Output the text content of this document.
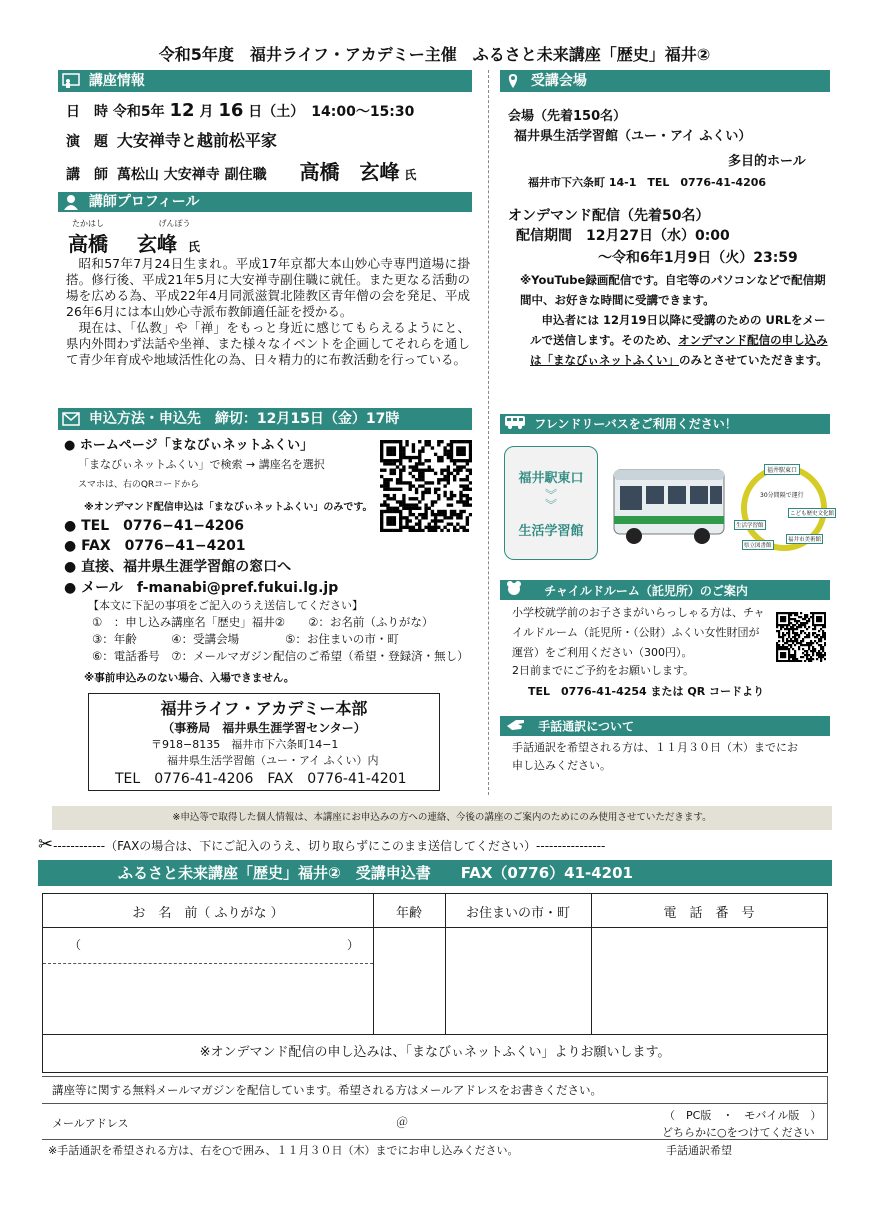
令和5年度　福井ライフ・アカデミー主催　ふるさと未来講座「歴史」福井②
講座情報
日　時 令和5年 12 月 16 日（土）　14:00～15:30
演　題 大安禅寺と越前松平家
講　師 萬松山 大安禅寺 副住職 高橋　玄峰 氏
講師プロフィール
たかはし	げんぽう
高橋 玄峰 氏

昭和57年7月24日生まれ。平成17年京都大本山妙心寺専門道場に掛搭。修行後、平成21年5月に大安禅寺副住職に就任。また更なる活動の場を広める為、平成22年4月同派滋賀北陸教区青年僧の会を発足、平成26年6月には本山妙心寺派布教師適任証を授かる。

現在は、「仏教」や「禅」をもっと身近に感じてもらえるようにと、県内外問わず法話や坐禅、また様々なイベントを企画してそれらを通して青少年育成や地域活性化の為、日々精力的に布教活動を行っている。

申込方法・申込先　締切：12月15日（金）17時
● ホームページ「まなびぃネットふくい」
「まなびぃネットふくい」で検索 → 講座名を選択
スマホは、右のQRコードから
※オンデマンド配信申込は「まなびぃネットふくい」のみです。
● TEL　0776−41−4206
● FAX　0776−41−4201
● 直接、福井県生涯学習館の窓口へ
● メール　f-manabi@pref.fukui.lg.jp
【本文に下記の事項をご記入のうえ送信してください】
①　：申し込み講座名「歴史」福井②　　②：お名前（ふりがな）
③：年齢　　　④：受講会場　　　　⑤：お住まいの市・町
⑥：電話番号　⑦：メールマガジン配信のご希望（希望・登録済・無し）
※事前申込みのない場合、入場できません。
福井ライフ・アカデミー本部
（事務局　福井県生涯学習センター）
〒918−8135　福井市下六条町14−1
福井県生活学習館（ユー・アイ ふくい）内
TEL　0776-41-4206　FAX　0776-41-4201
受講会場
会場（先着150名）
福井県生活学習館（ユー・アイ ふくい）
多目的ホール
福井市下六条町 14-1　TEL　0776-41-4206
オンデマンド配信（先着50名）
配信期間　12月27日（水）0:00
～令和6年1月9日（火）23:59
※YouTube録画配信です。自宅等のパソコンなどで配信期間中、お好きな時間に受講できます。
申込者には 12月19日以降に受講のための URLをメールで送信します。そのため、オンデマンド配信の申し込みは「まなびぃネットふくい」のみとさせていただきます。
フレンドリーバスをご利用ください！
福井駅東口
︾
︾
生活学習館
福井駅東口
30分間隔で運行
こども歴史文化館
生活学習館
県立図書館
福井市美術館
チャイルドルーム（託児所）のご案内
小学校就学前のお子さまがいらっしゃる方は、チャイルドルーム（託児所・（公財）ふくい女性財団が運営）をご利用ください（300円）。
2日前までにご予約をお願いします。
TEL　0776-41-4254 または QR コードより
手話通訳について
手話通訳を希望される方は、１１月３０日（木）までにお申し込みください。
※申込等で取得した個人情報は、本講座にお申込みの方への連絡、今後の講座のご案内のためにのみ使用させていただきます。
✂------------（FAXの場合は、下にご記入のうえ、切り取らずにこのまま送信してください）----------------
ふるさと未来講座「歴史」福井②　受講申込書　　FAX（0776）41-4201
お　名　前（ ふりがな ）	年齢	お住まいの市・町	電　話　番　号
（	）
※オンデマンド配信の申し込みは、「まなびぃネットふくい」よりお願いします。
講座等に関する無料メールマガジンを配信しています。希望される方はメールアドレスをお書きください。
メールアドレス	＠	（　PC版　・　モバイル版　）
どちらかに○をつけてください
※手話通訳を希望される方は、右を○で囲み、１１月３０日（木）までにお申し込みください。	手話通訳希望
